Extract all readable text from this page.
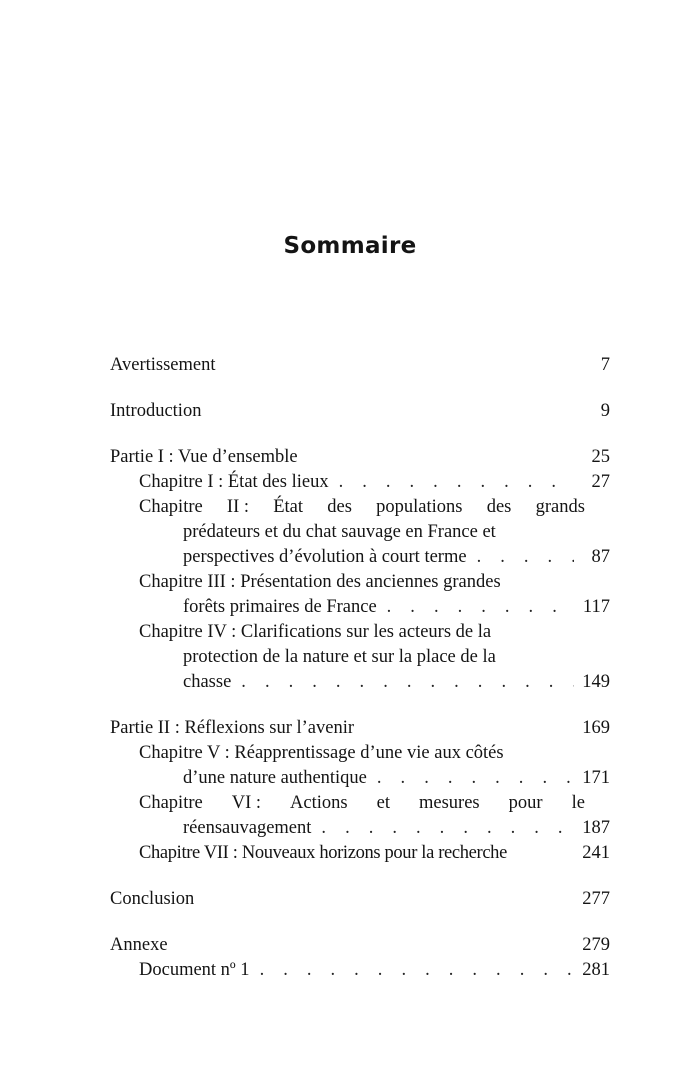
Sommaire
Avertissement	7
Introduction	9
Partie I : Vue d’ensemble	25
Chapitre I : État des lieux . . .	27
Chapitre II : État des populations des grands
prédateurs et du chat sauvage en France et
perspectives d’évolution à court terme . . .	87
Chapitre III : Présentation des anciennes grandes
forêts primaires de France . . .	117
Chapitre IV : Clarifications sur les acteurs de la
protection de la nature et sur la place de la
chasse . . .	149
Partie II : Réflexions sur l’avenir	169
Chapitre V : Réapprentissage d’une vie aux côtés
d’une nature authentique . . .	171
Chapitre VI : Actions et mesures pour le
réensauvagement . . .	187
Chapitre VII : Nouveaux horizons pour la recherche	241
Conclusion	277
Annexe	279
Document nº 1 . . .	281
